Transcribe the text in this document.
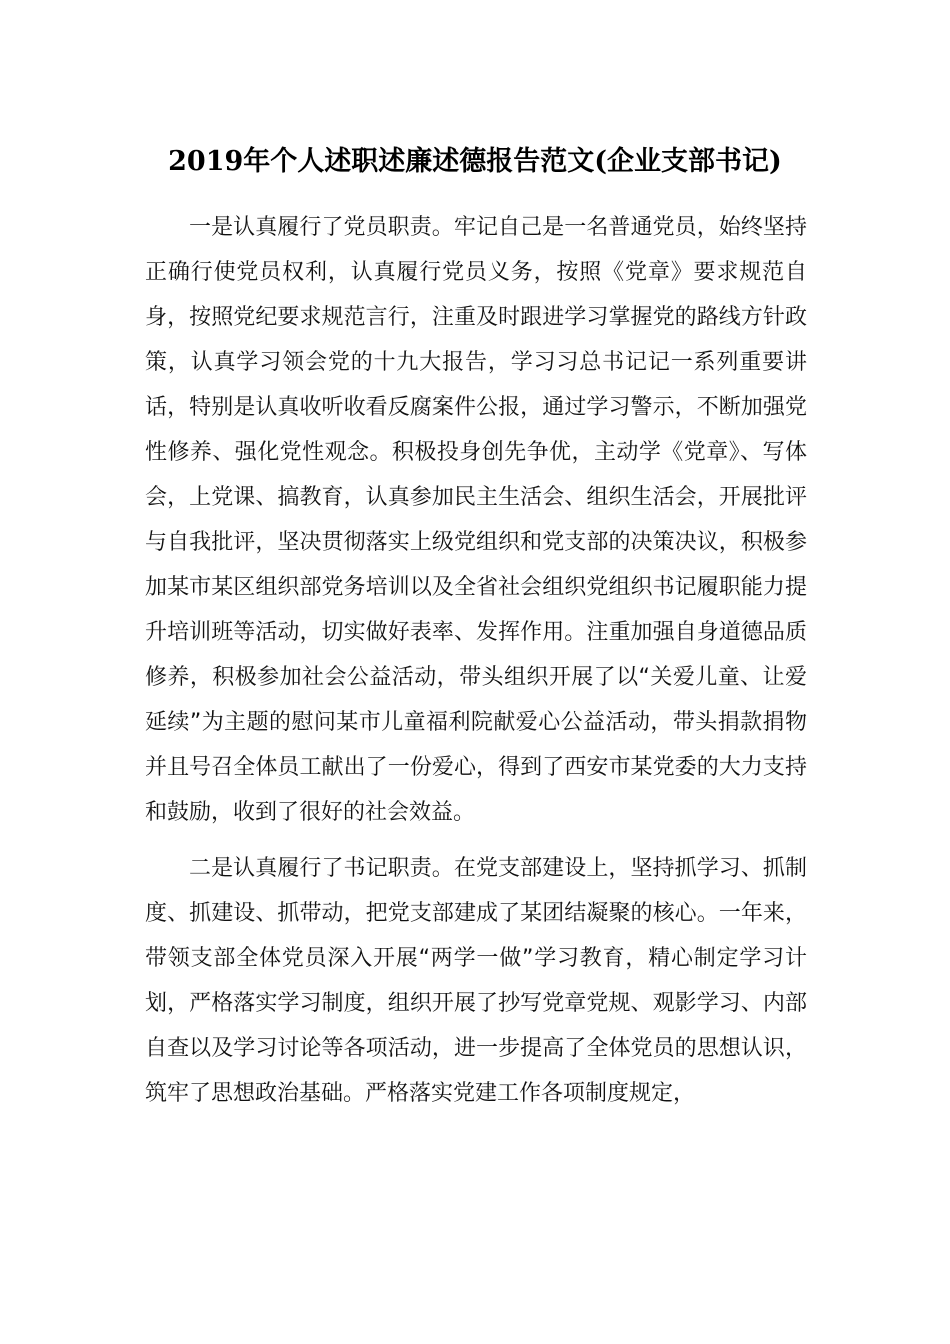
2019年个人述职述廉述德报告范文(企业支部书记)

一是认真履行了党员职责。牢记自己是一名普通党员，始终坚持正确行使党员权利，认真履行党员义务，按照《党章》要求规范自身，按照党纪要求规范言行，注重及时跟进学习掌握党的路线方针政策，认真学习领会党的十九大报告，学习习总书记记一系列重要讲话，特别是认真收听收看反腐案件公报，通过学习警示，不断加强党性修养、强化党性观念。积极投身创先争优，主动学《党章》、写体会，上党课、搞教育，认真参加民主生活会、组织生活会，开展批评与自我批评，坚决贯彻落实上级党组织和党支部的决策决议，积极参加某市某区组织部党务培训以及全省社会组织党组织书记履职能力提升培训班等活动，切实做好表率、发挥作用。注重加强自身道德品质修养，积极参加社会公益活动，带头组织开展了以“关爱儿童、让爱延续”为主题的慰问某市儿童福利院献爱心公益活动，带头捐款捐物并且号召全体员工献出了一份爱心，得到了西安市某党委的大力支持和鼓励，收到了很好的社会效益。

二是认真履行了书记职责。在党支部建设上，坚持抓学习、抓制度、抓建设、抓带动，把党支部建成了某团结凝聚的核心。一年来，带领支部全体党员深入开展“两学一做”学习教育，精心制定学习计划，严格落实学习制度，组织开展了抄写党章党规、观影学习、内部自查以及学习讨论等各项活动，进一步提高了全体党员的思想认识，筑牢了思想政治基础。严格落实党建工作各项制度规定，
